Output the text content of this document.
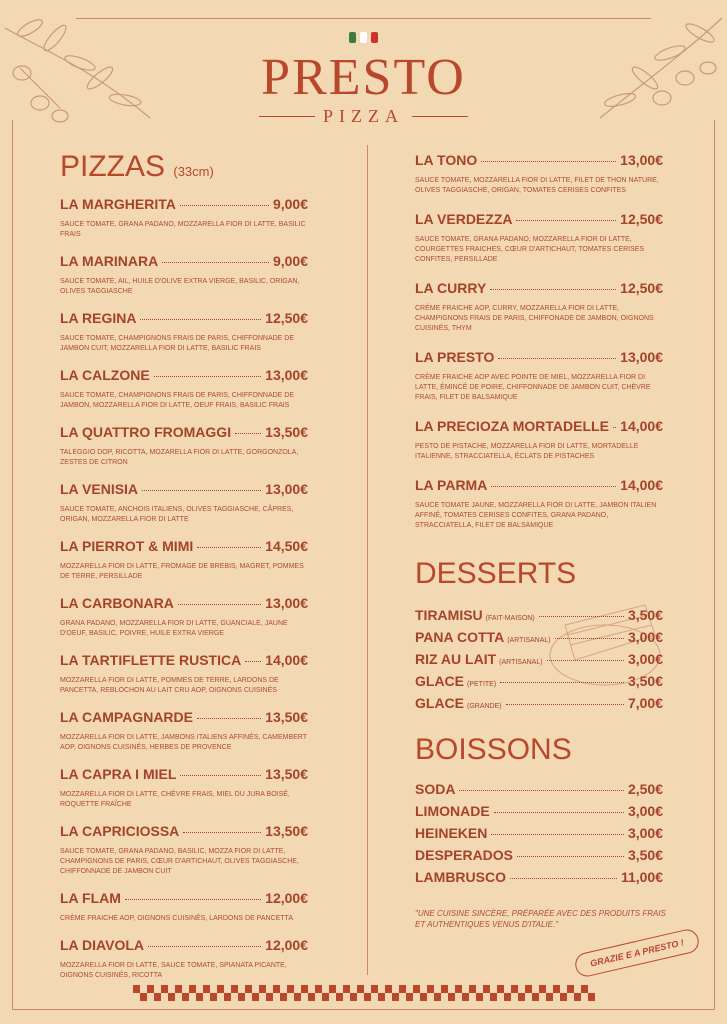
PRESTO
PIZZA
PIZZAS (33cm)
LA MARGHERITA	9,00€
SAUCE TOMATE, GRANA PADANO, MOZZARELLA FIOR DI LATTE, BASILIC FRAIS
LA MARINARA	9,00€
SAUCE TOMATE, AIL, HUILE D'OLIVE EXTRA VIERGE, BASILIC, ORIGAN, OLIVES TAGGIASCHE
LA REGINA	12,50€
SAUCE TOMATE, CHAMPIGNONS FRAIS DE PARIS, CHIFFONNADE DE JAMBON CUIT, MOZZARELLA FIOR DI LATTE, BASILIC FRAIS
LA CALZONE	13,00€
SAUCE TOMATE, CHAMPIGNONS FRAIS DE PARIS, CHIFFONNADE DE JAMBON, MOZZARELLA FIOR DI LATTE, OEUF FRAIS, BASILIC FRAIS
LA QUATTRO FROMAGGI 13,50€
TALEGGIO DOP, RICOTTA, MOZARELLA FIOR DI LATTE, GORGONZOLA, ZESTES DE CITRON
LA VENISIA	13,00€
SAUCE TOMATE, ANCHOIS ITALIENS, OLIVES TAGGIASCHE, CÂPRES, ORIGAN, MOZZARELLA FIOR DI LATTE
LA PIERROT & MIMI	14,50€
MOZZARELLA FIOR DI LATTE, FROMAGE DE BREBIS, MAGRET, POMMES DE TERRE, PERSILLADE
LA CARBONARA	13,00€
GRANA PADANO, MOZZARELLA FIOR DI LATTE, GUANCIALE, JAUNE D'OEUF, BASILIC, POIVRE, HUILE EXTRA VIERGE
LA TARTIFLETTE RUSTICA 14,00€
MOZZARELLA FIOR DI LATTE, POMMES DE TERRE, LARDONS DE PANCETTA, REBLOCHON AU LAIT CRU AOP, OIGNONS CUISINÉS
LA CAMPAGNARDE	13,50€
MOZZARELLA FIOR DI LATTE, JAMBONS ITALIENS AFFINÉS, CAMEMBERT AOP, OIGNONS CUISINÉS, HERBES DE PROVENCE
LA CAPRA I MIEL	13,50€
MOZZARELLA FIOR DI LATTE, CHÈVRE FRAIS, MIEL DU JURA BOISÉ, ROQUETTE FRAÎCHE
LA CAPRICIOSSA	13,50€
SAUCE TOMATE, GRANA PADANO, BASILIC, MOZZA FIOR DI LATTE, CHAMPIGNONS DE PARIS, CŒUR D'ARTICHAUT, OLIVES TAGGIASCHE, CHIFFONNADE DE JAMBON CUIT
LA FLAM	12,00€
CRÈME FRAICHE AOP, OIGNONS CUISINÉS, LARDONS DE PANCETTA
LA DIAVOLA	12,00€
MOZZARELLA FIOR DI LATTE, SAUCE TOMATE, SPIANATA PICANTE, OIGNONS CUISINÉS, RICOTTA
LA TONO	13,00€
SAUCE TOMATE, MOZZARELLA FIOR DI LATTE, FILET DE THON NATURE, OLIVES TAGGIASCHE, ORIGAN, TOMATES CERISES CONFITES
LA VERDEZZA	12,50€
SAUCE TOMATE, GRANA PADANO, MOZZARELLA FIOR DI LATTE, COURGETTES FRAICHES, CŒUR D'ARTICHAUT, TOMATES CERISES CONFITES, PERSILLADE
LA CURRY	12,50€
CRÈME FRAICHE AOP, CURRY, MOZZARELLA FIOR DI LATTE, CHAMPIGNONS FRAIS DE PARIS, CHIFFONADE DE JAMBON, OIGNONS CUISINÉS, THYM
LA PRESTO	13,00€
CRÈME FRAICHE AOP AVEC POINTE DE MIEL, MOZZARELLA FIOR DI LATTE, ÉMINCÉ DE POIRE, CHIFFONNADE DE JAMBON CUIT, CHÈVRE FRAIS, FILET DE BALSAMIQUE
LA PRECIOZA MORTADELLE 14,00€
PESTO DE PISTACHE, MOZZARELLA FIOR DI LATTE, MORTADELLE ITALIENNE, STRACCIATELLA, ÉCLATS DE PISTACHES
LA PARMA	14,00€
SAUCE TOMATE JAUNE, MOZZARELLA FIOR DI LATTE, JAMBON ITALIEN AFFINÉ, TOMATES CERISES CONFITES, GRANA PADANO, STRACCIATELLA, FILET DE BALSAMIQUE
DESSERTS
TIRAMISU (FAIT-MAISON)	3,50€
PANA COTTA (ARTISANAL)	3,00€
RIZ AU LAIT (ARTISANAL)	3,00€
GLACE (PETITE)	3,50€
GLACE (GRANDE)	7,00€
BOISSONS
SODA	2,50€
LIMONADE	3,00€
HEINEKEN	3,00€
DESPERADOS	3,50€
LAMBRUSCO	11,00€
"UNE CUISINE SINCÈRE, PRÉPARÉE AVEC DES PRODUITS FRAIS ET AUTHENTIQUES VENUS D'ITALIE."
GRAZIE E A PRESTO !
